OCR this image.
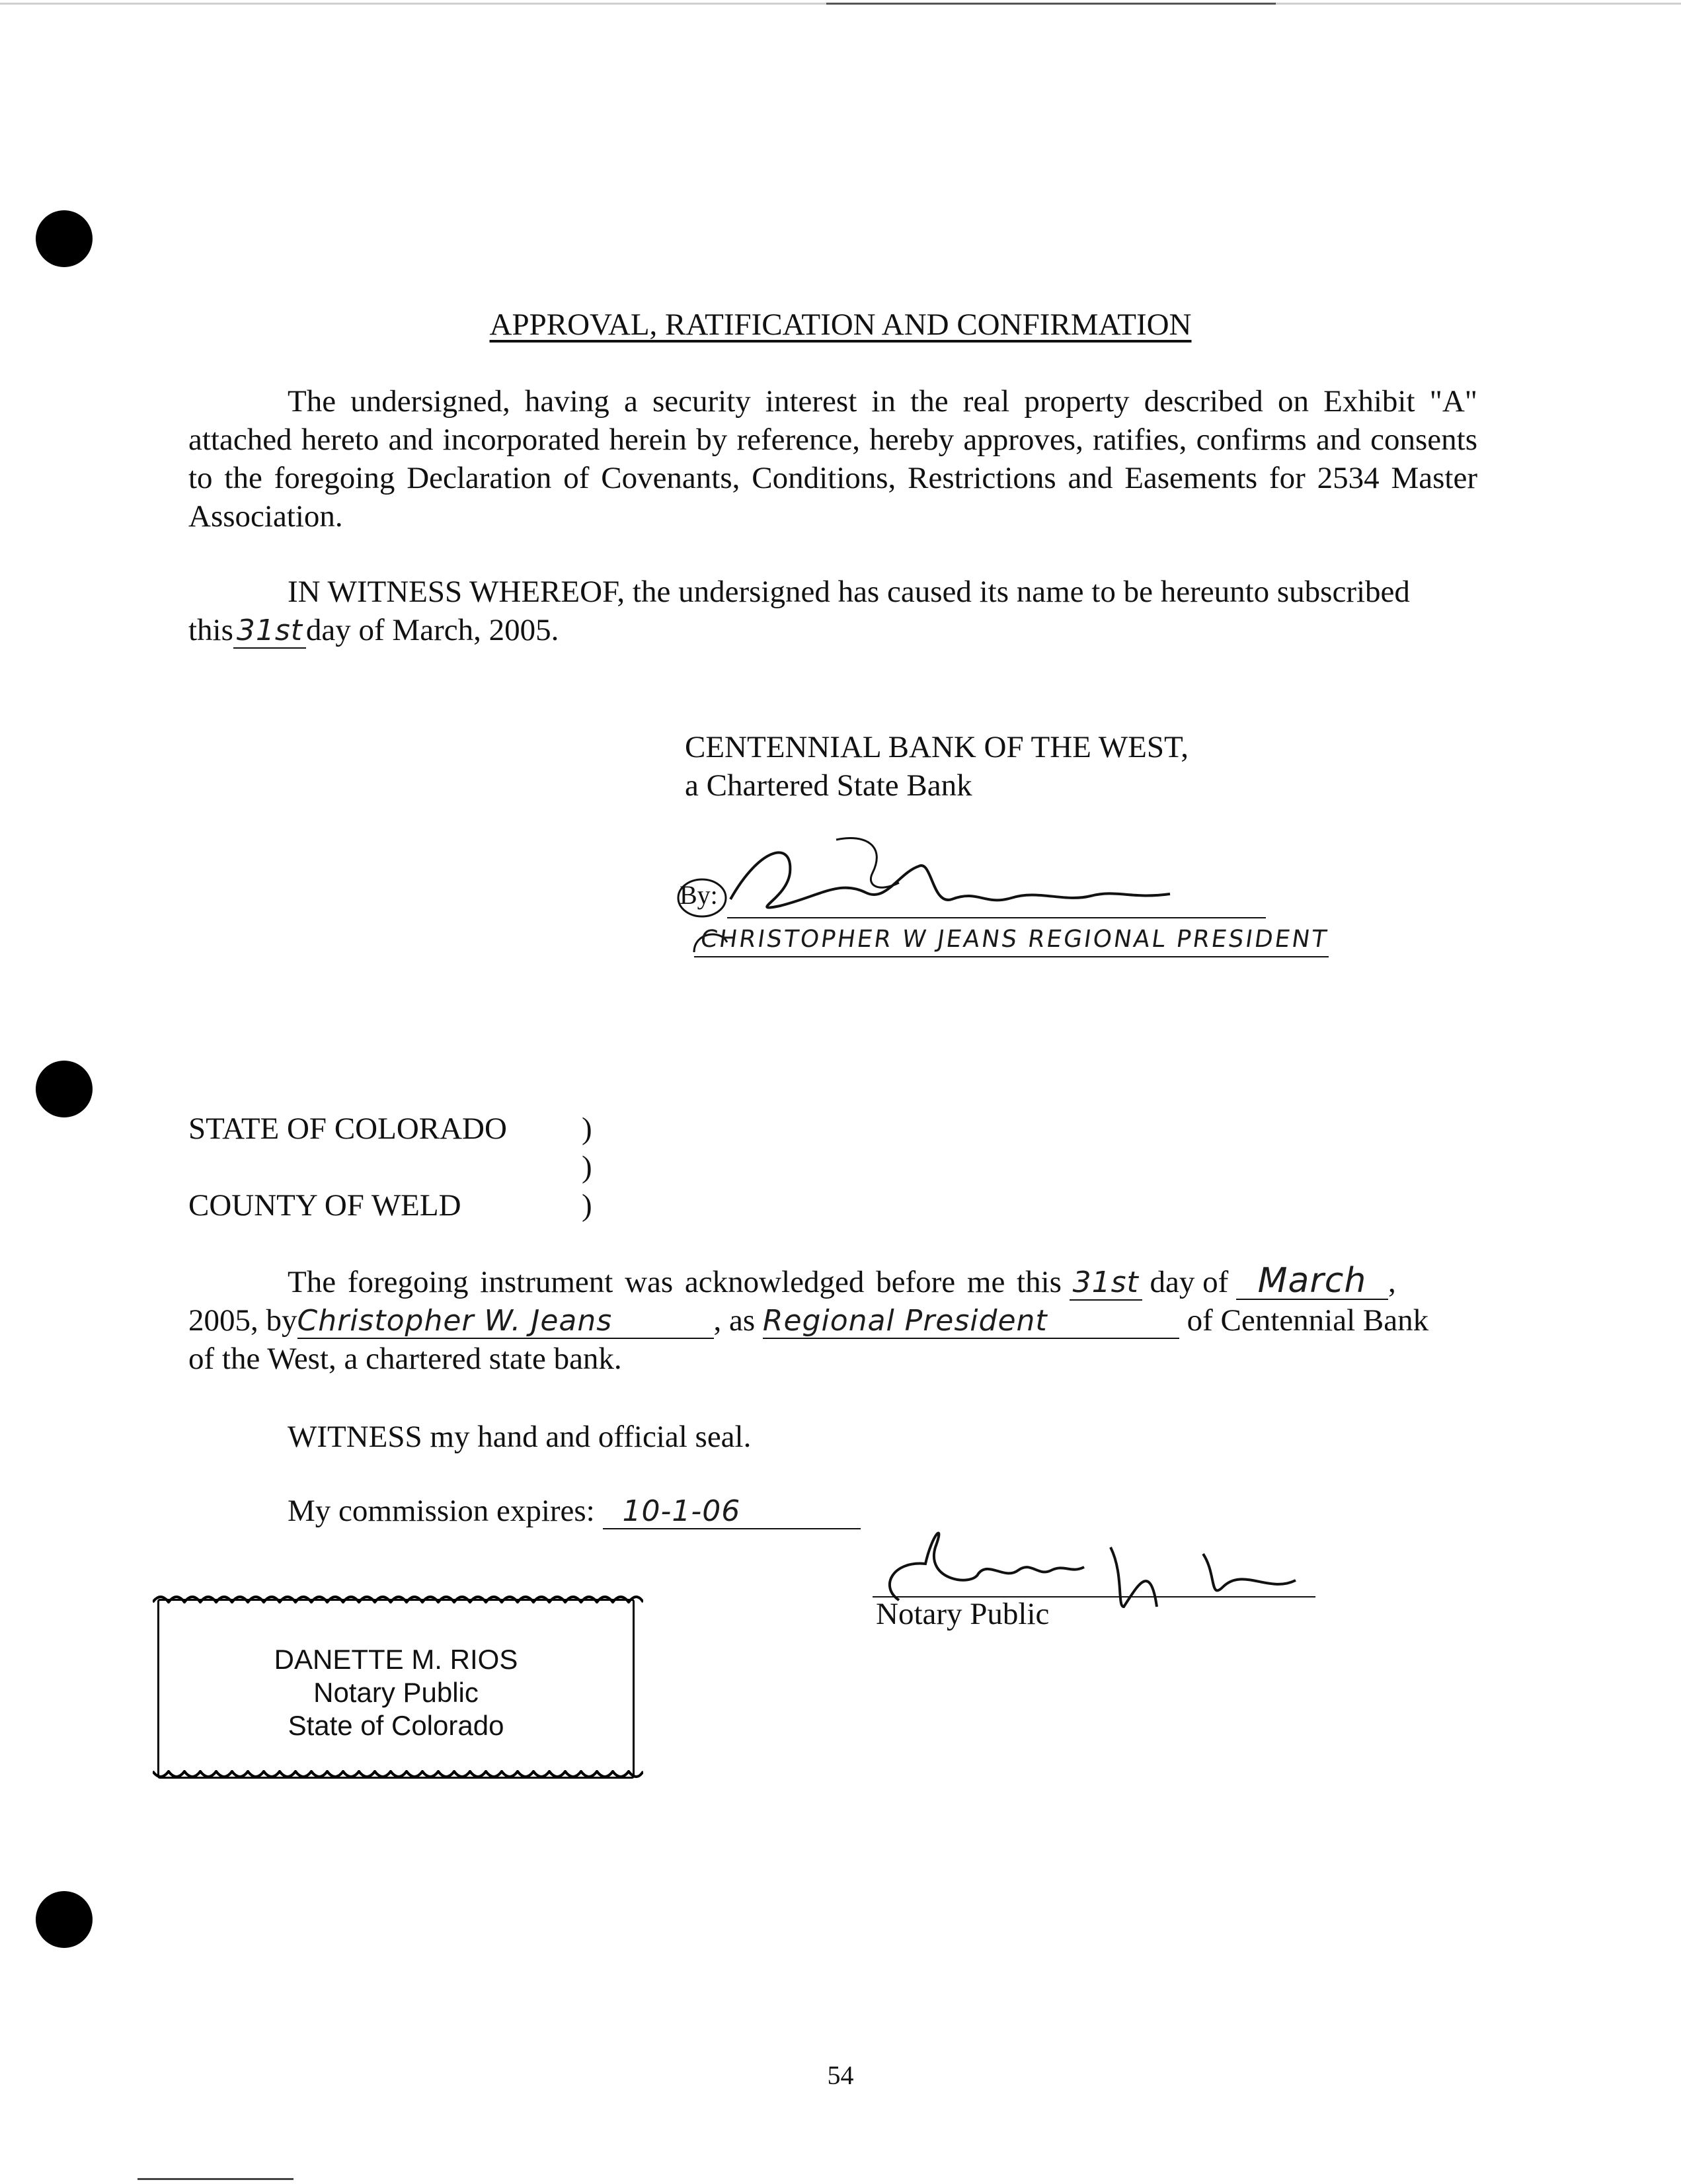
APPROVAL, RATIFICATION AND CONFIRMATION
The undersigned, having a security interest in the real property described on Exhibit "A" attached hereto and incorporated herein by reference, hereby approves, ratifies, confirms and consents to the foregoing Declaration of Covenants, Conditions, Restrictions and Easements for 2534 Master Association.
IN WITNESS WHEREOF, the undersigned has caused its name to be hereunto subscribed
this 31st day of March, 2005.
CENTENNIAL BANK OF THE WEST,
a Chartered State Bank
By:
CHRISTOPHER W JEANS REGIONAL PRESIDENT
STATE OF COLORADO )
)
COUNTY OF WELD	)
The foregoing instrument was acknowledged before me this 31st day of March ,
2005, byChristopher W. Jeans	, as Regional President	of Centennial Bank
of the West, a chartered state bank.
WITNESS my hand and official seal.
My commission expires: 10-1-06
Notary Public
DANETTE M. RIOS
Notary Public
State of Colorado
54
